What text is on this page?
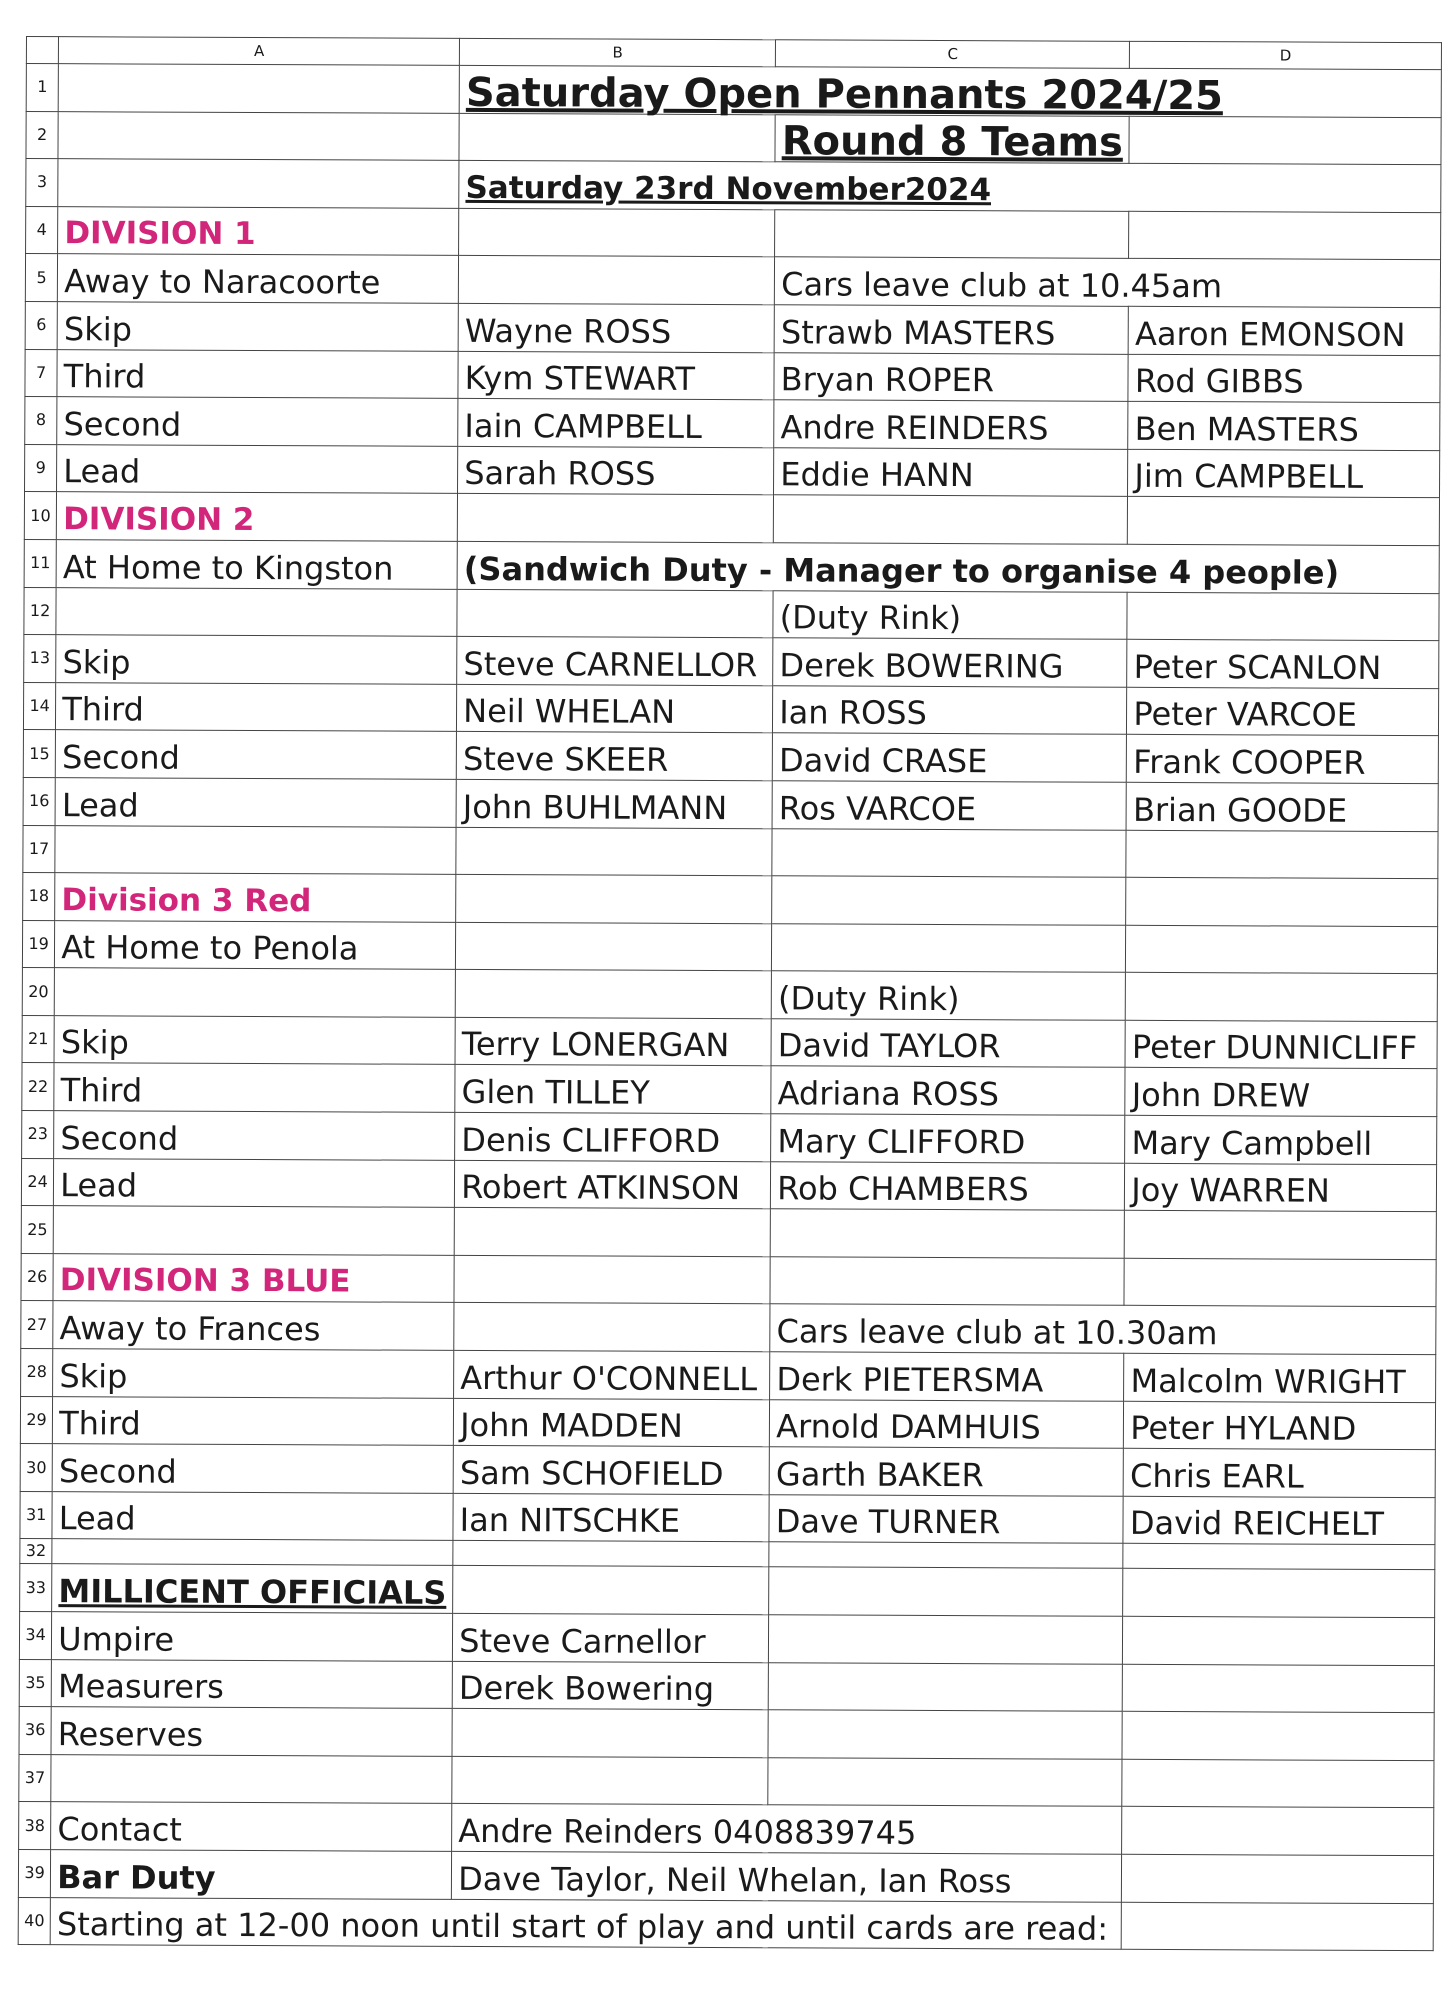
	A	B	C	D
1		Saturday Open Pennants 2024/25		
2			Round 8 Teams	
3		Saturday 23rd November2024		
4	DIVISION 1			
5	Away to Naracoorte		Cars leave club at 10.45am	
6	Skip	Wayne ROSS	Strawb MASTERS	Aaron EMONSON
7	Third	Kym STEWART	Bryan ROPER	Rod GIBBS
8	Second	Iain CAMPBELL	Andre REINDERS	Ben MASTERS
9	Lead	Sarah ROSS	Eddie HANN	Jim CAMPBELL
10	DIVISION 2			
11	At Home to Kingston	(Sandwich Duty - Manager to organise 4 people)		
12			(Duty Rink)	
13	Skip	Steve CARNELLOR	Derek BOWERING	Peter SCANLON
14	Third	Neil WHELAN	Ian ROSS	Peter VARCOE
15	Second	Steve SKEER	David CRASE	Frank COOPER
16	Lead	John BUHLMANN	Ros VARCOE	Brian GOODE
17				
18	Division 3 Red			
19	At Home to Penola			
20			(Duty Rink)	
21	Skip	Terry LONERGAN	David TAYLOR	Peter DUNNICLIFF
22	Third	Glen TILLEY	Adriana ROSS	John DREW
23	Second	Denis CLIFFORD	Mary CLIFFORD	Mary Campbell
24	Lead	Robert ATKINSON	Rob CHAMBERS	Joy WARREN
25				
26	DIVISION 3 BLUE			
27	Away to Frances		Cars leave club at 10.30am	
28	Skip	Arthur O'CONNELL	Derk PIETERSMA	Malcolm WRIGHT
29	Third	John MADDEN	Arnold DAMHUIS	Peter HYLAND
30	Second	Sam SCHOFIELD	Garth BAKER	Chris EARL
31	Lead	Ian NITSCHKE	Dave TURNER	David REICHELT
32				
33	MILLICENT OFFICIALS			
34	Umpire	Steve Carnellor		
35	Measurers	Derek Bowering		
36	Reserves			
37				
38	Contact	Andre Reinders 0408839745		
39	Bar Duty	Dave Taylor, Neil Whelan, Ian Ross		
40	Starting at 12-00 noon until start of play and until cards are read:			
